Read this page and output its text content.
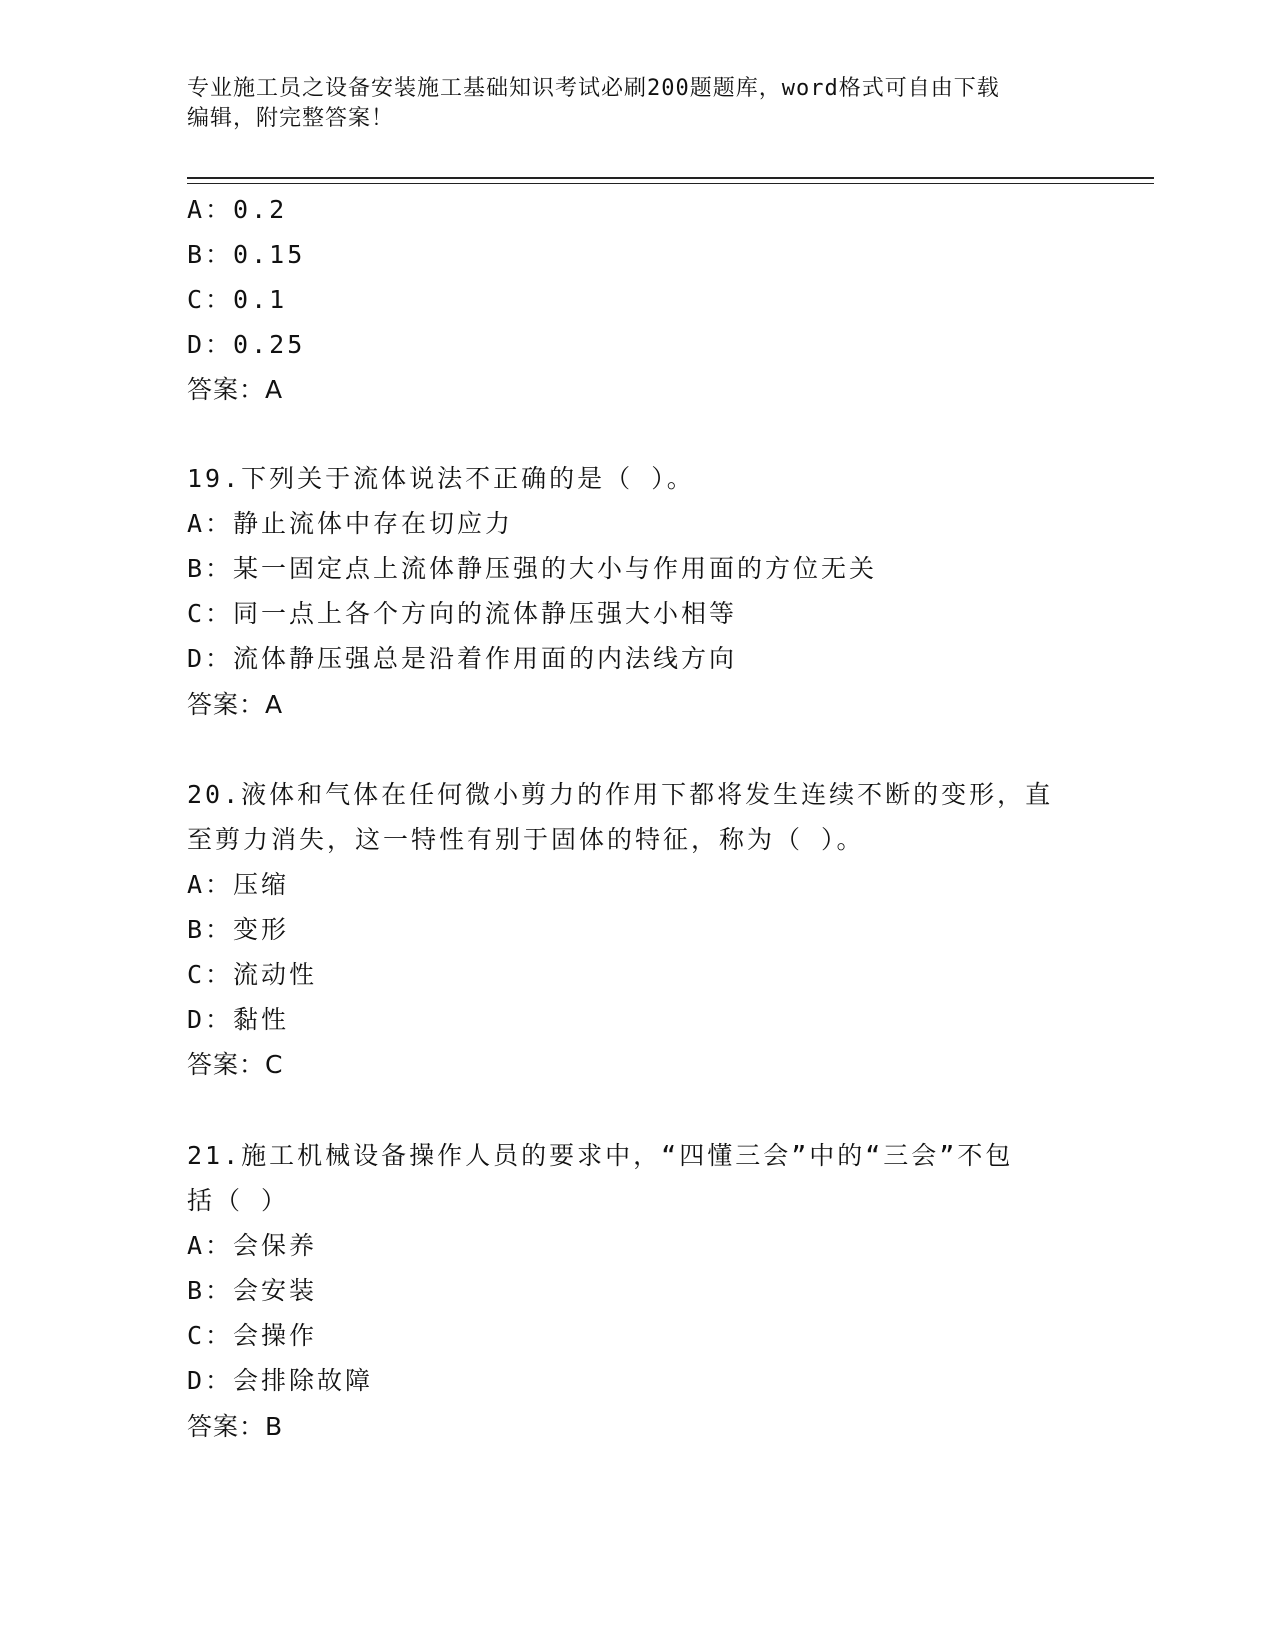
专业施工员之设备安装施工基础知识考试必刷200题题库，word格式可自由下载
编辑，附完整答案！
A：0.2
B：0.15
C：0.1
D：0.25
答案：A
19.下列关于流体说法不正确的是（ ）。
A：静止流体中存在切应力
B：某一固定点上流体静压强的大小与作用面的方位无关
C：同一点上各个方向的流体静压强大小相等
D：流体静压强总是沿着作用面的内法线方向
答案：A
20.液体和气体在任何微小剪力的作用下都将发生连续不断的变形，直
至剪力消失，这一特性有别于固体的特征，称为（ ）。
A：压缩
B：变形
C：流动性
D：黏性
答案：C
21.施工机械设备操作人员的要求中，“四懂三会”中的“三会”不包
括（ ）
A：会保养
B：会安装
C：会操作
D：会排除故障
答案：B
